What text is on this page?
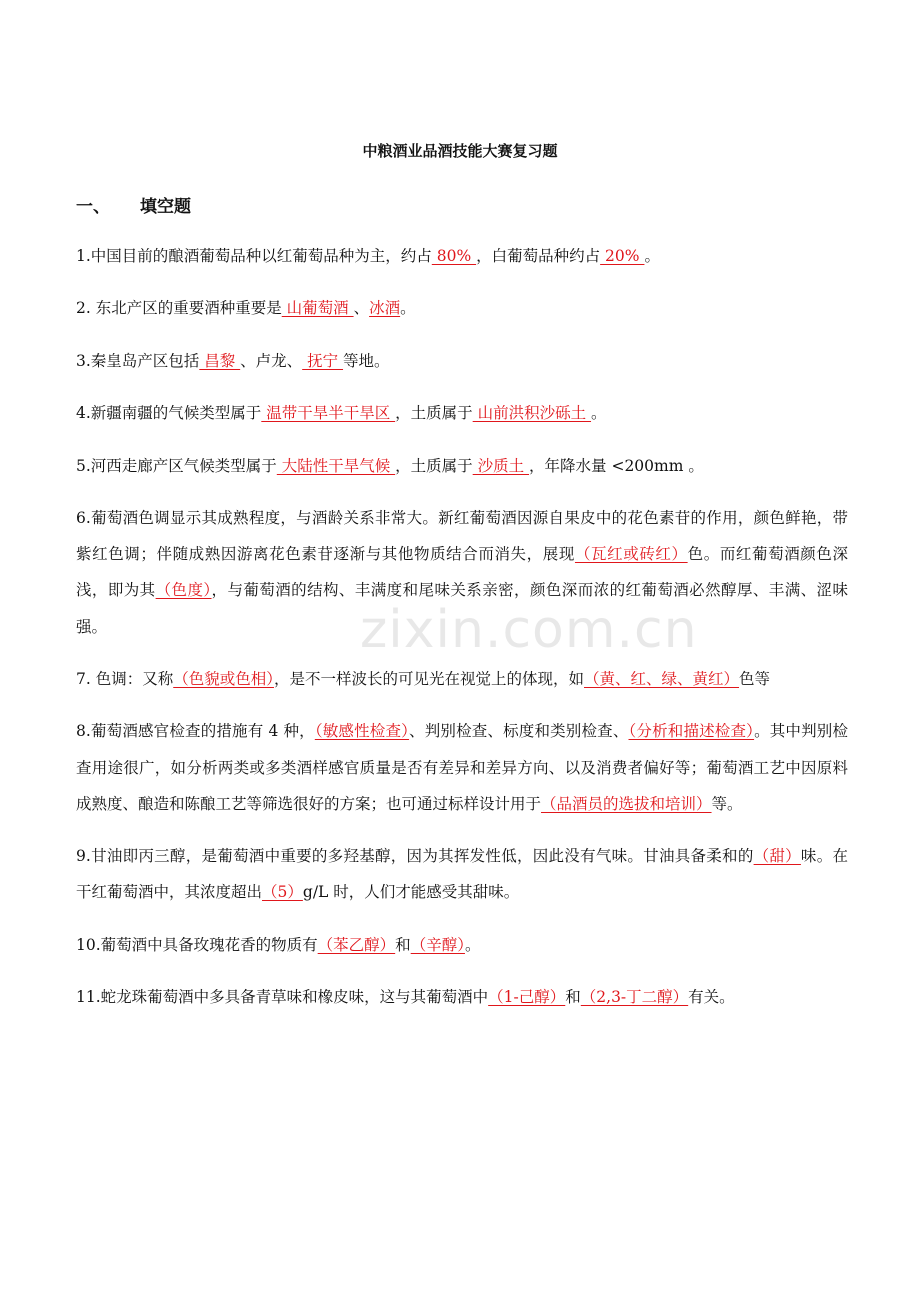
zixin.com.cn
中粮酒业品酒技能大赛复习题
一、 填空题

1.中国目前的酿酒葡萄品种以红葡萄品种为主，约占 80% ，白葡萄品种约占 20% 。

2. 东北产区的重要酒种重要是 山葡萄酒 、冰酒。

3.秦皇岛产区包括 昌黎 、卢龙、 抚宁 等地。

4.新疆南疆的气候类型属于 温带干旱半干旱区 ，土质属于 山前洪积沙砾土 。

5.河西走廊产区气候类型属于 大陆性干旱气候 ，土质属于 沙质土 ，年降水量 <200mm 。

6.葡萄酒色调显示其成熟程度，与酒龄关系非常大。新红葡萄酒因源自果皮中的花色素苷的作用，颜色鲜艳，带紫红色调；伴随成熟因游离花色素苷逐渐与其他物质结合而消失，展现（瓦红或砖红）色。而红葡萄酒颜色深浅，即为其（色度），与葡萄酒的结构、丰满度和尾味关系亲密，颜色深而浓的红葡萄酒必然醇厚、丰满、涩味强。

7. 色调：又称（色貌或色相），是不一样波长的可见光在视觉上的体现，如（黄、红、绿、黄红）色等

8.葡萄酒感官检查的措施有 4 种，（敏感性检查）、判别检查、标度和类别检查、（分析和描述检查）。其中判别检查用途很广，如分析两类或多类酒样感官质量是否有差异和差异方向、以及消费者偏好等；葡萄酒工艺中因原料成熟度、酿造和陈酿工艺等筛选很好的方案；也可通过标样设计用于（品酒员的选拔和培训）等。

9.甘油即丙三醇，是葡萄酒中重要的多羟基醇，因为其挥发性低，因此没有气味。甘油具备柔和的（甜）味。在干红葡萄酒中，其浓度超出（5）g/L 时，人们才能感受其甜味。

10.葡萄酒中具备玫瑰花香的物质有（苯乙醇）和（辛醇）。

11.蛇龙珠葡萄酒中多具备青草味和橡皮味，这与其葡萄酒中（1-己醇）和（2,3-丁二醇）有关。
